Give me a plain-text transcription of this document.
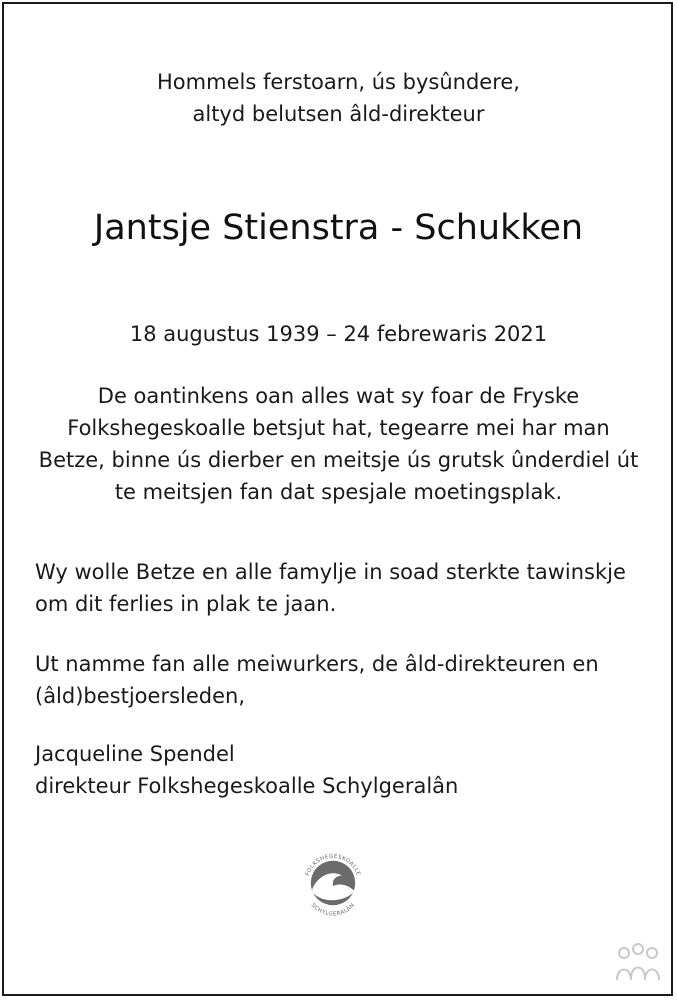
Hommels ferstoarn, ús bysûndere,
altyd belutsen âld-direkteur
Jantsje Stienstra - Schukken
18 augustus 1939 – 24 febrewaris 2021
De oantinkens oan alles wat sy foar de Fryske
Folkshegeskoalle betsjut hat, tegearre mei har man
Betze, binne ús dierber en meitsje ús grutsk ûnderdiel út
te meitsjen fan dat spesjale moetingsplak.
Wy wolle Betze en alle famylje in soad sterkte tawinskje
om dit ferlies in plak te jaan.
Ut namme fan alle meiwurkers, de âld-direkteuren en
(âld)bestjoersleden,
Jacqueline Spendel
direkteur Folkshegeskoalle Schylgeralân
FOLKSHEGESKOALLE
SCHYLGERALÂN
